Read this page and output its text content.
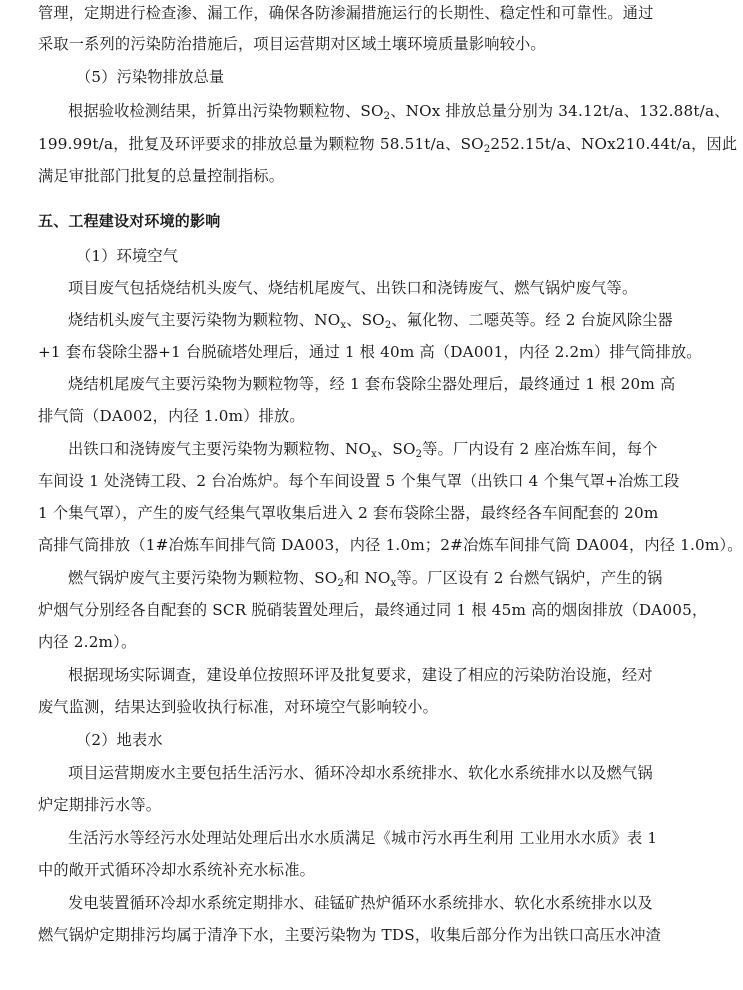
管理，定期进行检查渗、漏工作，确保各防渗漏措施运行的长期性、稳定性和可靠性。通过

采取一系列的污染防治措施后，项目运营期对区域土壤环境质量影响较小。

（5）污染物排放总量

根据验收检测结果，折算出污染物颗粒物、$SO_2$、NOx 排放总量分别为 34.12t/a、132.88t/a、

199.99t/a，批复及环评要求的排放总量为颗粒物 58.51t/a、$SO_2252.15t/a$、NOx210.44t/a，因此

满足审批部门批复的总量控制指标。

五、工程建设对环境的影响

（1）环境空气

项目废气包括烧结机头废气、烧结机尾废气、出铁口和浇铸废气、燃气锅炉废气等。

烧结机头废气主要污染物为颗粒物、$NO_x$、$SO_2$、氟化物、二噁英等。经 2 台旋风除尘器

+1 套布袋除尘器+1 台脱硫塔处理后，通过 1 根 40m 高（DA001，内径 2.2m）排气筒排放。

烧结机尾废气主要污染物为颗粒物等，经 1 套布袋除尘器处理后，最终通过 1 根 20m 高

排气筒（DA002，内径 1.0m）排放。

出铁口和浇铸废气主要污染物为颗粒物、$NO_x$、$SO_2$等。厂内设有 2 座冶炼车间，每个

车间设 1 处浇铸工段、2 台冶炼炉。每个车间设置 5 个集气罩（出铁口 4 个集气罩+冶炼工段

1 个集气罩），产生的废气经集气罩收集后进入 2 套布袋除尘器，最终经各车间配套的 20m

高排气筒排放（1#冶炼车间排气筒 DA003，内径 1.0m；2#冶炼车间排气筒 DA004，内径 1.0m）。

燃气锅炉废气主要污染物为颗粒物、$SO_2$和 $NO_x$等。厂区设有 2 台燃气锅炉，产生的锅

炉烟气分别经各自配套的 SCR 脱硝装置处理后，最终通过同 1 根 45m 高的烟囱排放（DA005，

内径 2.2m）。

根据现场实际调查，建设单位按照环评及批复要求，建设了相应的污染防治设施，经对

废气监测，结果达到验收执行标准，对环境空气影响较小。

（2）地表水

项目运营期废水主要包括生活污水、循环冷却水系统排水、软化水系统排水以及燃气锅

炉定期排污水等。

生活污水等经污水处理站处理后出水水质满足《城市污水再生利用 工业用水水质》表 1

中的敞开式循环冷却水系统补充水标准。

发电装置循环冷却水系统定期排水、硅锰矿热炉循环水系统排水、软化水系统排水以及

燃气锅炉定期排污均属于清净下水，主要污染物为 TDS，收集后部分作为出铁口高压水冲渣
